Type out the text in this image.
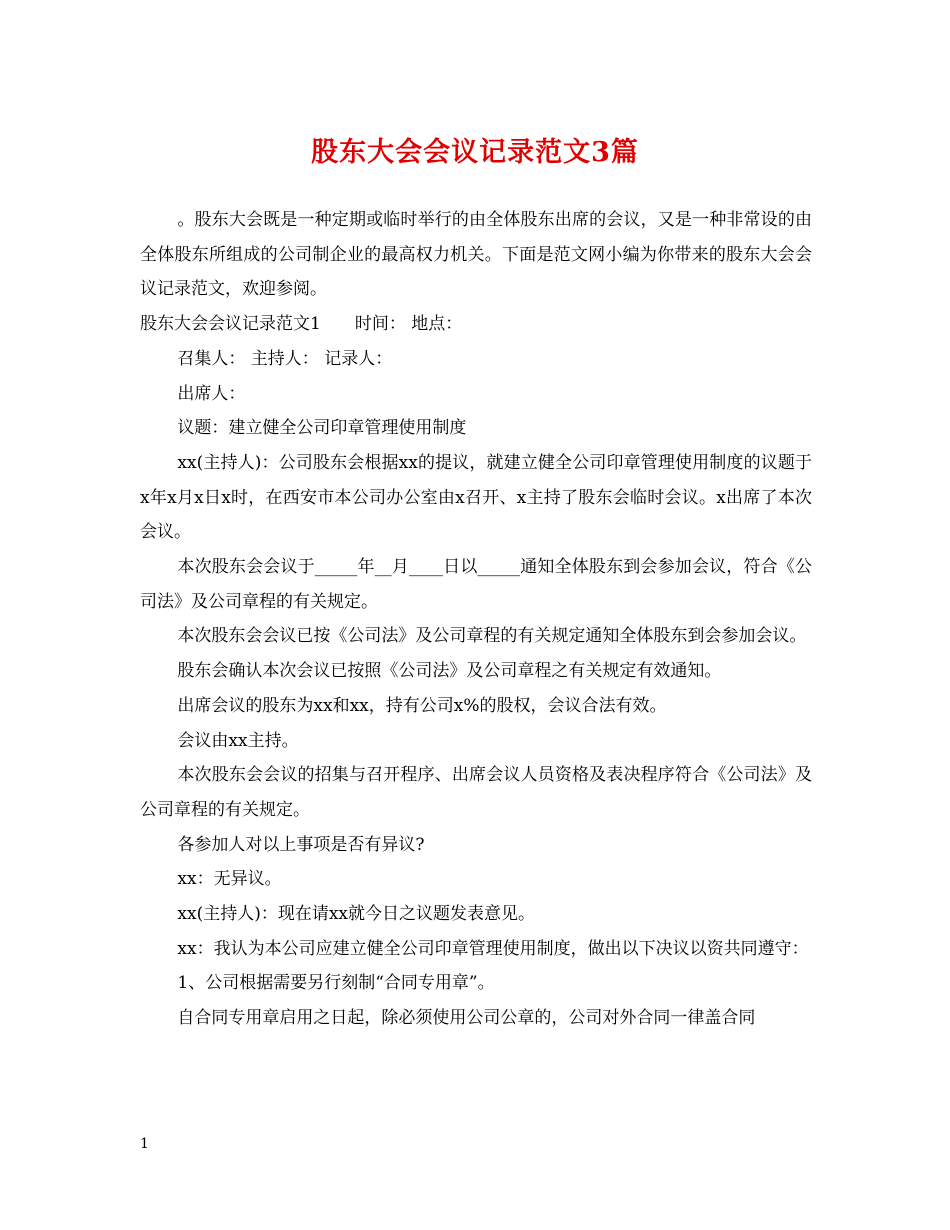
股东大会会议记录范文3篇

。股东大会既是一种定期或临时举行的由全体股东出席的会议，又是一种非常设的由全体股东所组成的公司制企业的最高权力机关。下面是范文网小编为你带来的股东大会会议记录范文，欢迎参阅。

股东大会会议记录范文1　　时间： 地点：

召集人： 主持人： 记录人：

出席人：

议题：建立健全公司印章管理使用制度

xx(主持人)：公司股东会根据xx的提议，就建立健全公司印章管理使用制度的议题于x年x月x日x时，在西安市本公司办公室由x召开、x主持了股东会临时会议。x出席了本次会议。

本次股东会会议于_____年__月____日以_____通知全体股东到会参加会议，符合《公司法》及公司章程的有关规定。

本次股东会会议已按《公司法》及公司章程的有关规定通知全体股东到会参加会议。

股东会确认本次会议已按照《公司法》及公司章程之有关规定有效通知。

出席会议的股东为xx和xx，持有公司x%的股权，会议合法有效。

会议由xx主持。

本次股东会会议的招集与召开程序、出席会议人员资格及表决程序符合《公司法》及公司章程的有关规定。

各参加人对以上事项是否有异议?

xx：无异议。

xx(主持人)：现在请xx就今日之议题发表意见。

xx：我认为本公司应建立健全公司印章管理使用制度，做出以下决议以资共同遵守：

1、公司根据需要另行刻制“合同专用章”。

自合同专用章启用之日起，除必须使用公司公章的，公司对外合同一律盖合同

1
